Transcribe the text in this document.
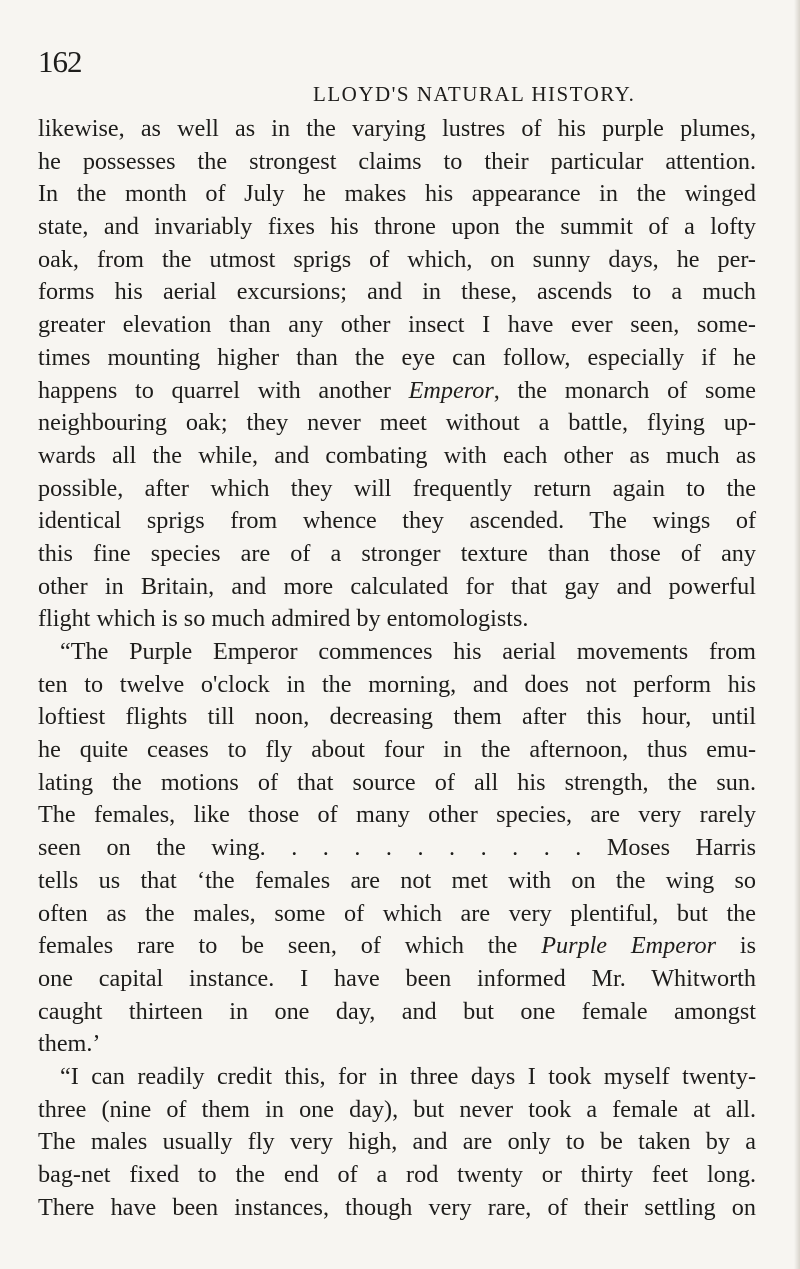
162
LLOYD'S NATURAL HISTORY.
likewise, as well as in the varying lustres of his purple plumes,
he possesses the strongest claims to their particular attention.
In the month of July he makes his appearance in the winged
state, and invariably fixes his throne upon the summit of a lofty
oak, from the utmost sprigs of which, on sunny days, he per-
forms his aerial excursions; and in these, ascends to a much
greater elevation than any other insect I have ever seen, some-
times mounting higher than the eye can follow, especially if he
happens to quarrel with another Emperor, the monarch of some
neighbouring oak; they never meet without a battle, flying up-
wards all the while, and combating with each other as much as
possible, after which they will frequently return again to the
identical sprigs from whence they ascended. The wings of
this fine species are of a stronger texture than those of any
other in Britain, and more calculated for that gay and powerful
flight which is so much admired by entomologists.
“The Purple Emperor commences his aerial movements from
ten to twelve o'clock in the morning, and does not perform his
loftiest flights till noon, decreasing them after this hour, until
he quite ceases to fly about four in the afternoon, thus emu-
lating the motions of that source of all his strength, the sun.
The females, like those of many other species, are very rarely
seen on the wing. . . . . . . . . . . Moses Harris
tells us that ‘the females are not met with on the wing so
often as the males, some of which are very plentiful, but the
females rare to be seen, of which the Purple Emperor is
one capital instance. I have been informed Mr. Whitworth
caught thirteen in one day, and but one female amongst
them.’
“I can readily credit this, for in three days I took myself twenty-
three (nine of them in one day), but never took a female at all.
The males usually fly very high, and are only to be taken by a
bag-net fixed to the end of a rod twenty or thirty feet long.
There have been instances, though very rare, of their settling on
